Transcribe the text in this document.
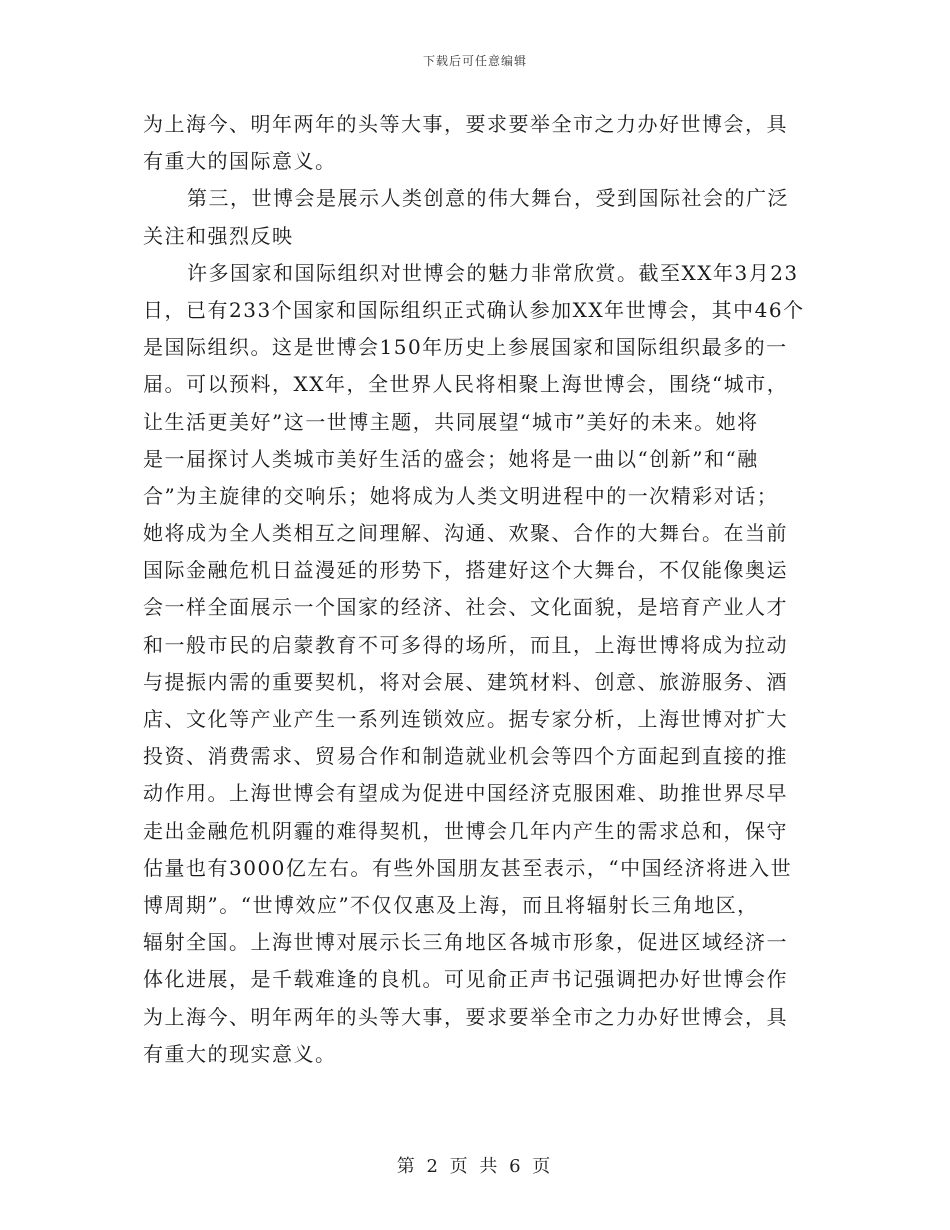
下载后可任意编辑
为上海今、明年两年的头等大事，要求要举全市之力办好世博会，具
有重大的国际意义。
第三，世博会是展示人类创意的伟大舞台，受到国际社会的广泛
关注和强烈反映
许多国家和国际组织对世博会的魅力非常欣赏。截至XX年3月23
日，已有233个国家和国际组织正式确认参加XX年世博会，其中46个
是国际组织。这是世博会150年历史上参展国家和国际组织最多的一
届。可以预料，XX年，全世界人民将相聚上海世博会，围绕“城市，
让生活更美好”这一世博主题，共同展望“城市”美好的未来。她将
是一届探讨人类城市美好生活的盛会；她将是一曲以“创新”和“融
合”为主旋律的交响乐；她将成为人类文明进程中的一次精彩对话；
她将成为全人类相互之间理解、沟通、欢聚、合作的大舞台。在当前
国际金融危机日益漫延的形势下，搭建好这个大舞台，不仅能像奥运
会一样全面展示一个国家的经济、社会、文化面貌，是培育产业人才
和一般市民的启蒙教育不可多得的场所，而且，上海世博将成为拉动
与提振内需的重要契机，将对会展、建筑材料、创意、旅游服务、酒
店、文化等产业产生一系列连锁效应。据专家分析，上海世博对扩大
投资、消费需求、贸易合作和制造就业机会等四个方面起到直接的推
动作用。上海世博会有望成为促进中国经济克服困难、助推世界尽早
走出金融危机阴霾的难得契机，世博会几年内产生的需求总和，保守
估量也有3000亿左右。有些外国朋友甚至表示，“中国经济将进入世
博周期”。“世博效应”不仅仅惠及上海，而且将辐射长三角地区，
辐射全国。上海世博对展示长三角地区各城市形象，促进区域经济一
体化进展，是千载难逢的良机。可见俞正声书记强调把办好世博会作
为上海今、明年两年的头等大事，要求要举全市之力办好世博会，具
有重大的现实意义。
第 2 页 共 6 页
